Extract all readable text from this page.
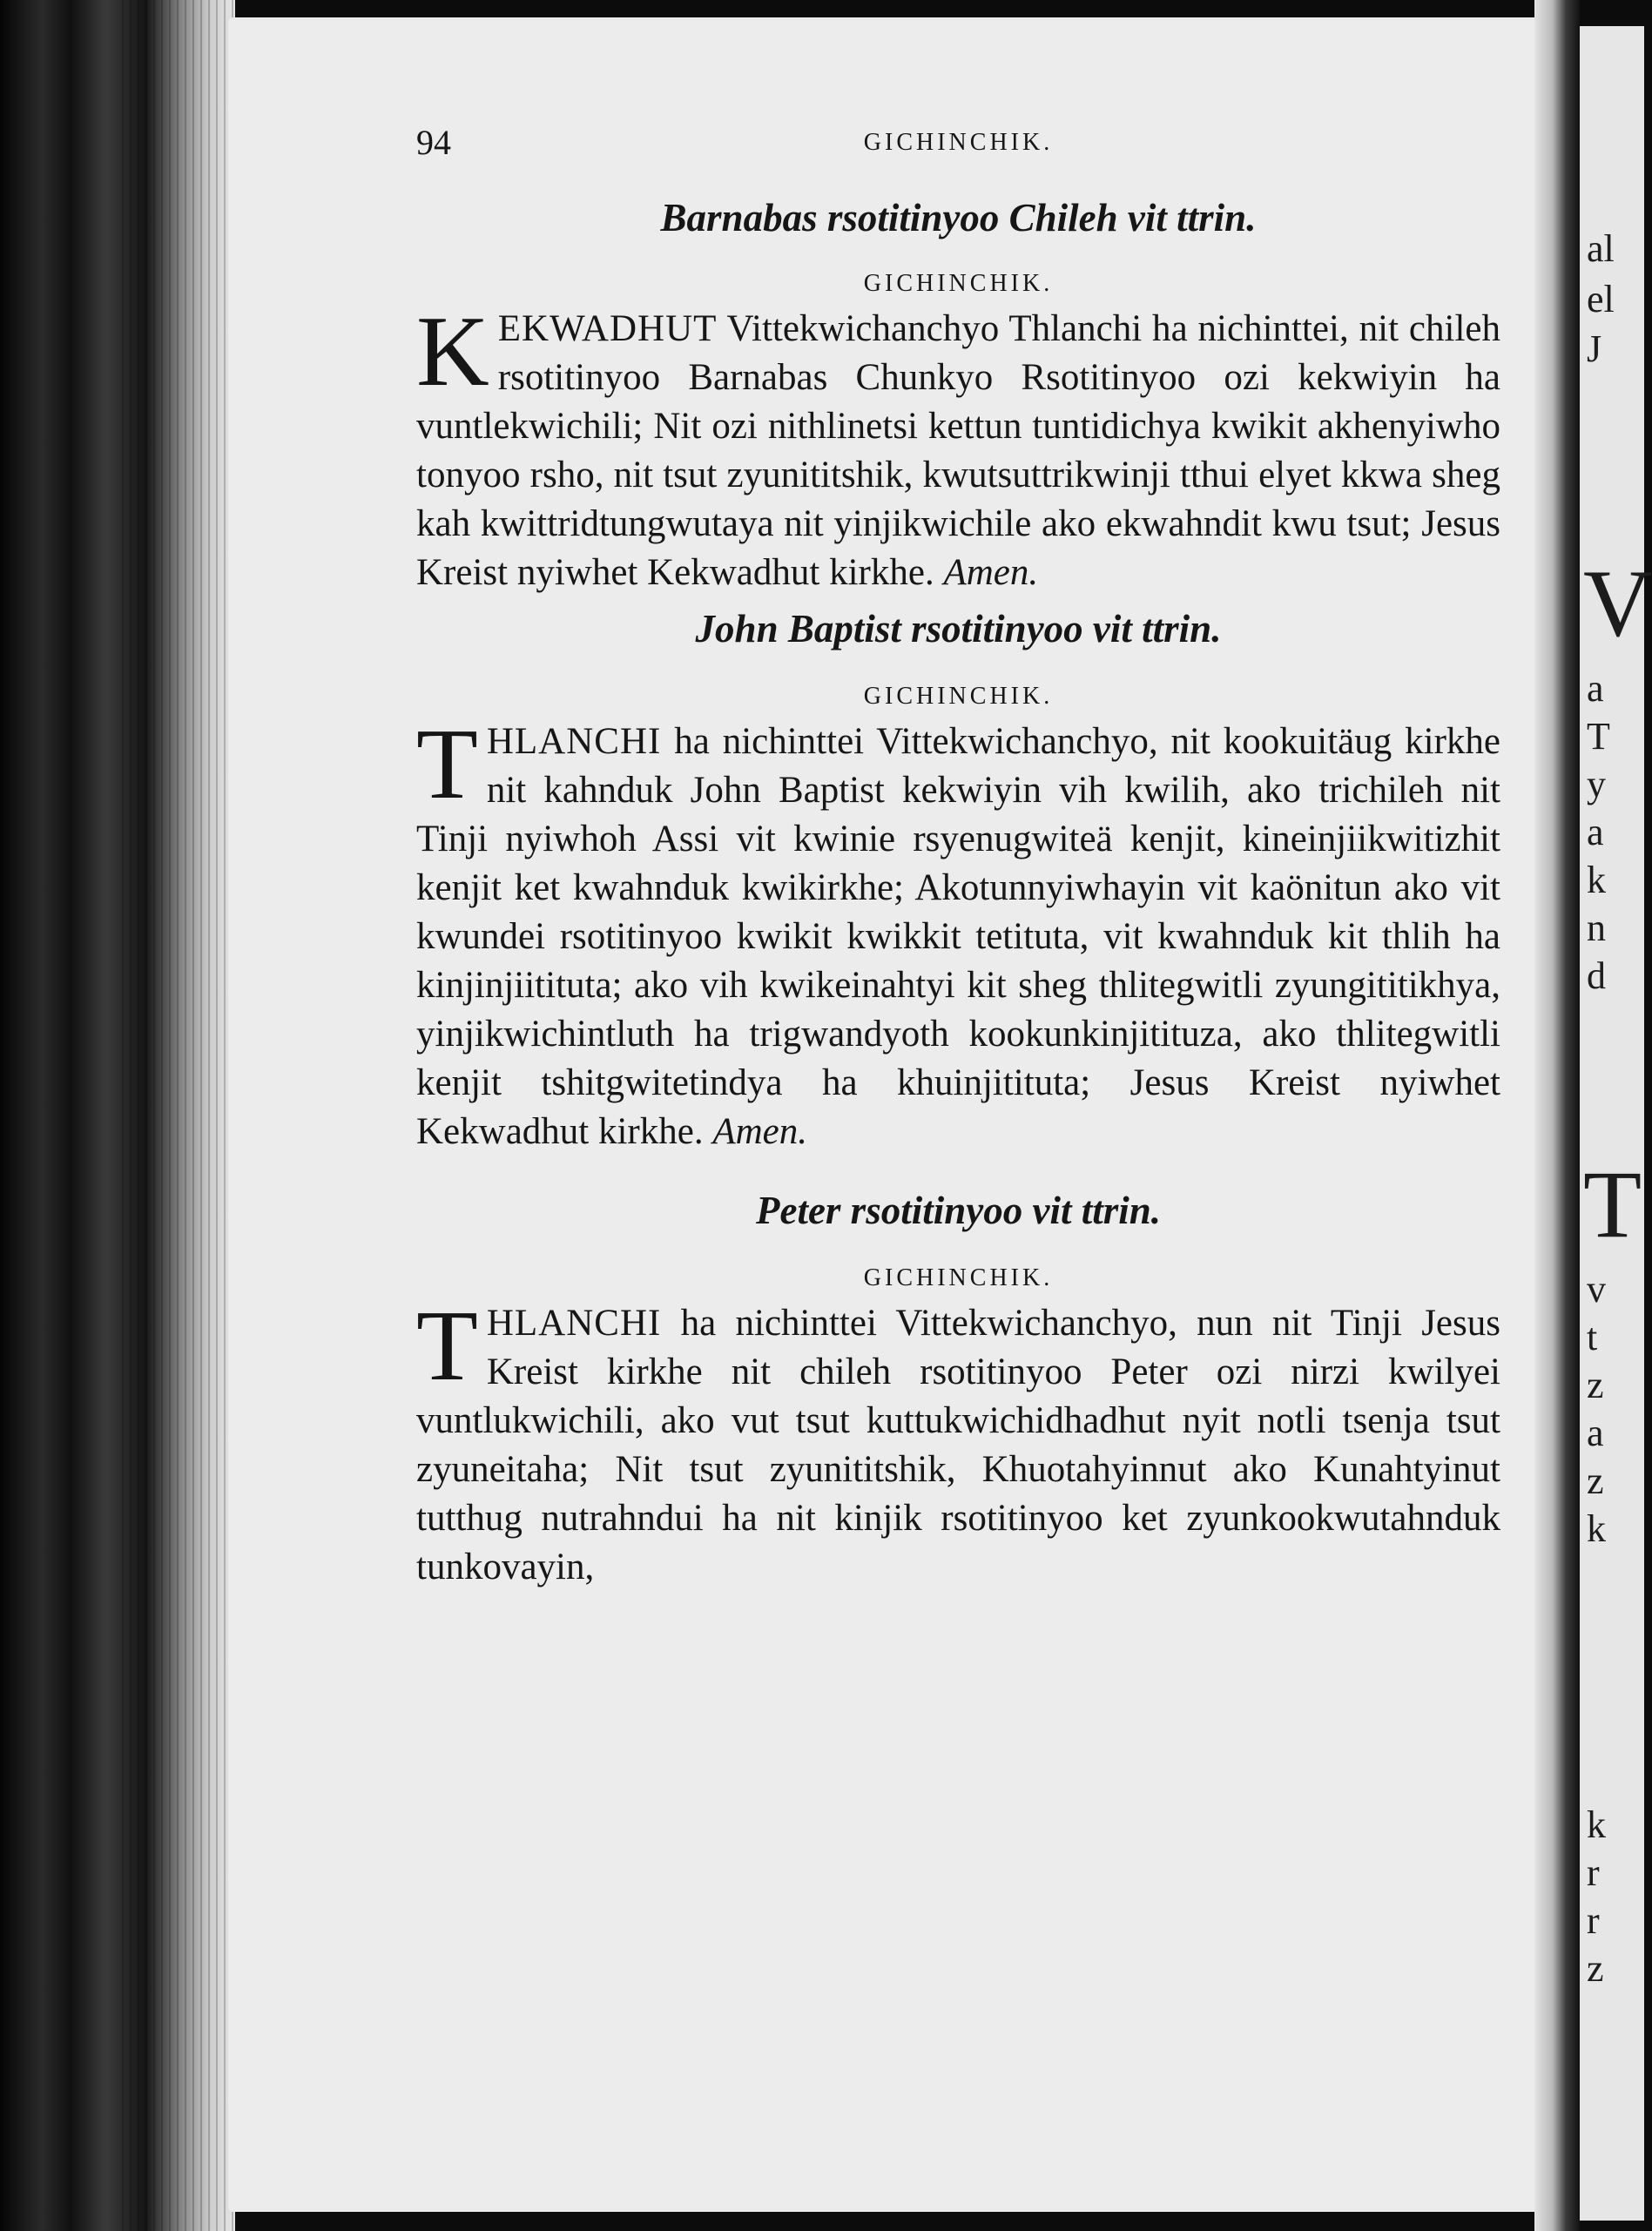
al
el
J
V
a
T
y
a
k
n
d
T
v
t
z
a
z
k
k
r
r
z
94	GICHINCHIK.
Barnabas rsotitinyoo Chileh vit ttrin.

GICHINCHIK.

KEKWADHUT Vittekwichanchyo Thlanchi ha nichinttei, nit chileh rsotitinyoo Barnabas Chunkyo Rsotitinyoo ozi kekwiyin ha vuntlekwichili; Nit ozi nithlinetsi kettun tuntidichya kwikit akhenyiwho tonyoo rsho, nit tsut zyunititshik, kwutsuttrikwinji tthui elyet kkwa sheg kah kwittridtungwutaya nit yinjikwichile ako ekwahndit kwu tsut; Jesus Kreist nyiwhet Kekwadhut kirkhe. Amen.

John Baptist rsotitinyoo vit ttrin.

GICHINCHIK.

THLANCHI ha nichinttei Vittekwichanchyo, nit kookuitäug kirkhe nit kahnduk John Baptist kekwiyin vih kwilih, ako trichileh nit Tinji nyiwhoh Assi vit kwinie rsyenugwiteä kenjit, kineinjiikwitizhit kenjit ket kwahnduk kwikirkhe; Akotunnyiwhayin vit kaönitun ako vit kwundei rsotitinyoo kwikit kwikkit tetituta, vit kwahnduk kit thlih ha kinjinjiitituta; ako vih kwikeinahtyi kit sheg thlitegwitli zyungititikhya, yinjikwichintluth ha trigwandyoth kookunkinjitituza, ako thlitegwitli kenjit tshitgwitetindya ha khuinjitituta; Jesus Kreist nyiwhet Kekwadhut kirkhe. Amen.

Peter rsotitinyoo vit ttrin.

GICHINCHIK.

THLANCHI ha nichinttei Vittekwichanchyo, nun nit Tinji Jesus Kreist kirkhe nit chileh rsotitinyoo Peter ozi nirzi kwilyei vuntlukwichili, ako vut tsut kuttukwichidhadhut nyit notli tsenja tsut zyuneitaha; Nit tsut zyunititshik, Khuotahyinnut ako Kunahtyinut tutthug nutrahndui ha nit kinjik rsotitinyoo ket zyunkookwutahnduk tunkovayin,
